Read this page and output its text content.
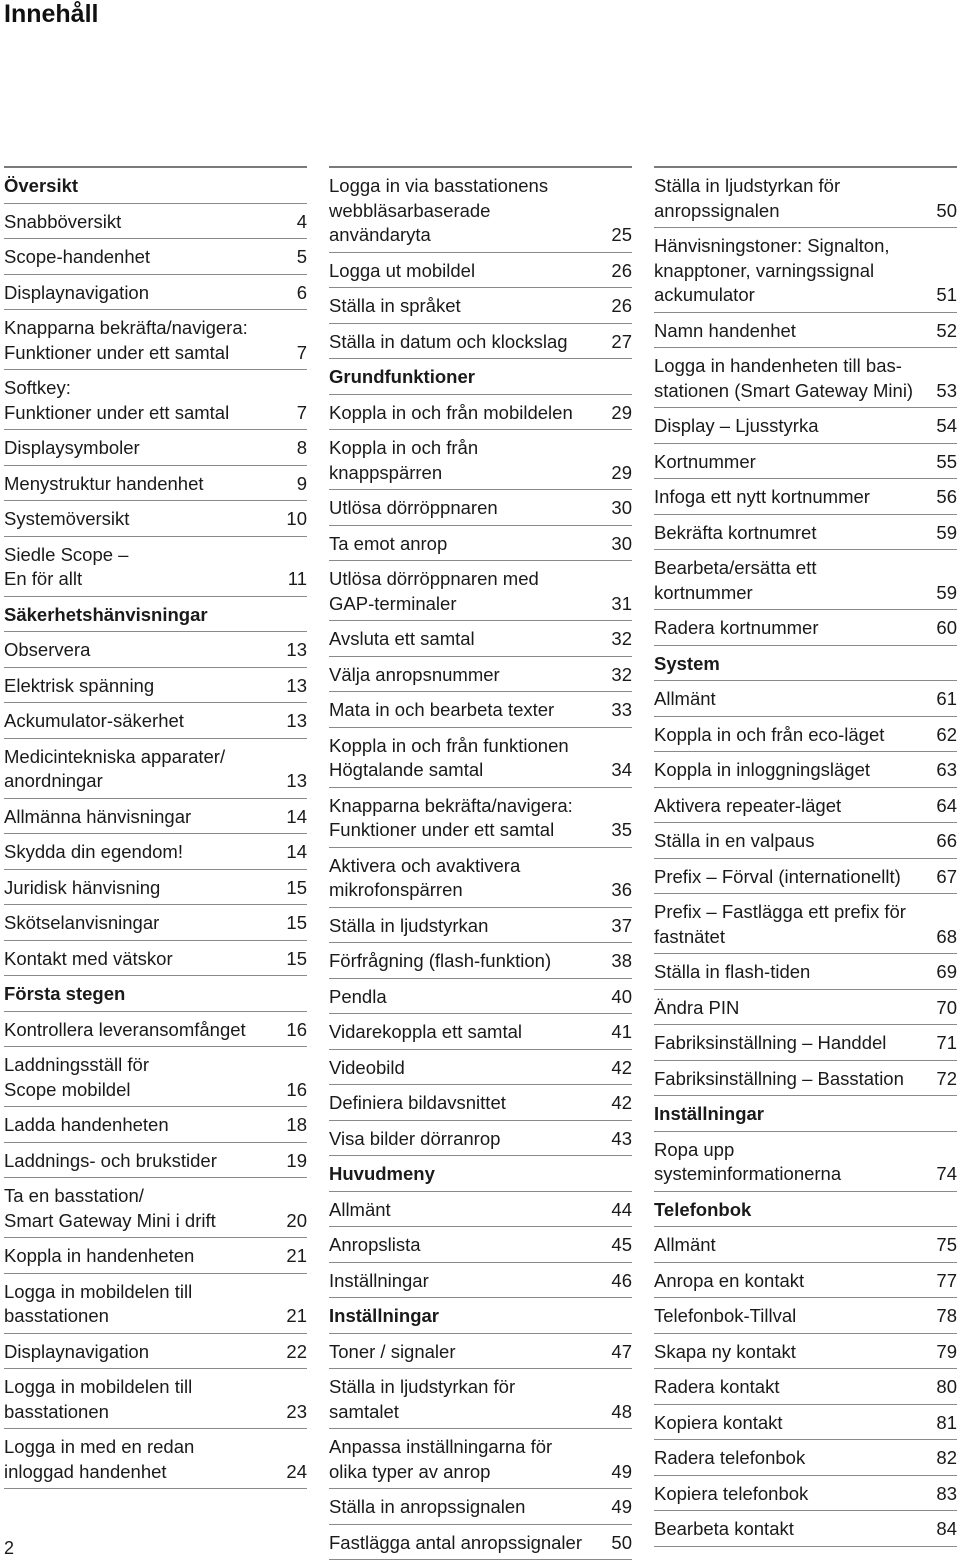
Innehåll
Översikt
Snabböversikt	4
Scope-handenhet	5
Displaynavigation	6
Knapparna bekräfta/navigera:
Funktioner under ett samtal	7
Softkey:
Funktioner under ett samtal	7
Displaysymboler	8
Menystruktur handenhet	9
Systemöversikt	10
Siedle Scope –
En för allt	11
Säkerhetshänvisningar
Observera	13
Elektrisk spänning	13
Ackumulator-säkerhet	13
Medicintekniska apparater/
anordningar	13
Allmänna hänvisningar	14
Skydda din egendom!	14
Juridisk hänvisning	15
Skötselanvisningar	15
Kontakt med vätskor	15
Första stegen
Kontrollera leveransomfånget	16
Laddningsställ för
Scope mobildel	16
Ladda handenheten	18
Laddnings- och brukstider	19
Ta en basstation/
Smart Gateway Mini i drift	20
Koppla in handenheten	21
Logga in mobildelen till
basstationen	21
Displaynavigation	22
Logga in mobildelen till
basstationen	23
Logga in med en redan
inloggad handenhet	24
Logga in via basstationens
webbläsarbaserade
användaryta	25
Logga ut mobildel	26
Ställa in språket	26
Ställa in datum och klockslag	27
Grundfunktioner
Koppla in och från mobildelen	29
Koppla in och från
knappspärren	29
Utlösa dörröppnaren	30
Ta emot anrop	30
Utlösa dörröppnaren med
GAP-terminaler	31
Avsluta ett samtal	32
Välja anropsnummer	32
Mata in och bearbeta texter	33
Koppla in och från funktionen
Högtalande samtal	34
Knapparna bekräfta/navigera:
Funktioner under ett samtal	35
Aktivera och avaktivera
mikrofonspärren	36
Ställa in ljudstyrkan	37
Förfrågning (flash-funktion)	38
Pendla	40
Vidarekoppla ett samtal	41
Videobild	42
Definiera bildavsnittet	42
Visa bilder dörranrop	43
Huvudmeny
Allmänt	44
Anropslista	45
Inställningar	46
Inställningar
Toner / signaler	47
Ställa in ljudstyrkan för
samtalet	48
Anpassa inställningarna för
olika typer av anrop	49
Ställa in anropssignalen	49
Fastlägga antal anropssignaler	50
Ställa in ljudstyrkan för
anropssignalen	50
Hänvisningstoner: Signalton,
knapptoner, varningssignal
ackumulator	51
Namn handenhet	52
Logga in handenheten till bas-
stationen (Smart Gateway Mini)	53
Display – Ljusstyrka	54
Kortnummer	55
Infoga ett nytt kortnummer	56
Bekräfta kortnumret	59
Bearbeta/ersätta ett
kortnummer	59
Radera kortnummer	60
System
Allmänt	61
Koppla in och från eco-läget	62
Koppla in inloggningsläget	63
Aktivera repeater-läget	64
Ställa in en valpaus	66
Prefix – Förval (internationellt)	67
Prefix – Fastlägga ett prefix för
fastnätet	68
Ställa in flash-tiden	69
Ändra PIN	70
Fabriksinställning – Handdel	71
Fabriksinställning – Basstation	72
Inställningar
Ropa upp
systeminformationerna	74
Telefonbok
Allmänt	75
Anropa en kontakt	77
Telefonbok-Tillval	78
Skapa ny kontakt	79
Radera kontakt	80
Kopiera kontakt	81
Radera telefonbok	82
Kopiera telefonbok	83
Bearbeta kontakt	84
2
